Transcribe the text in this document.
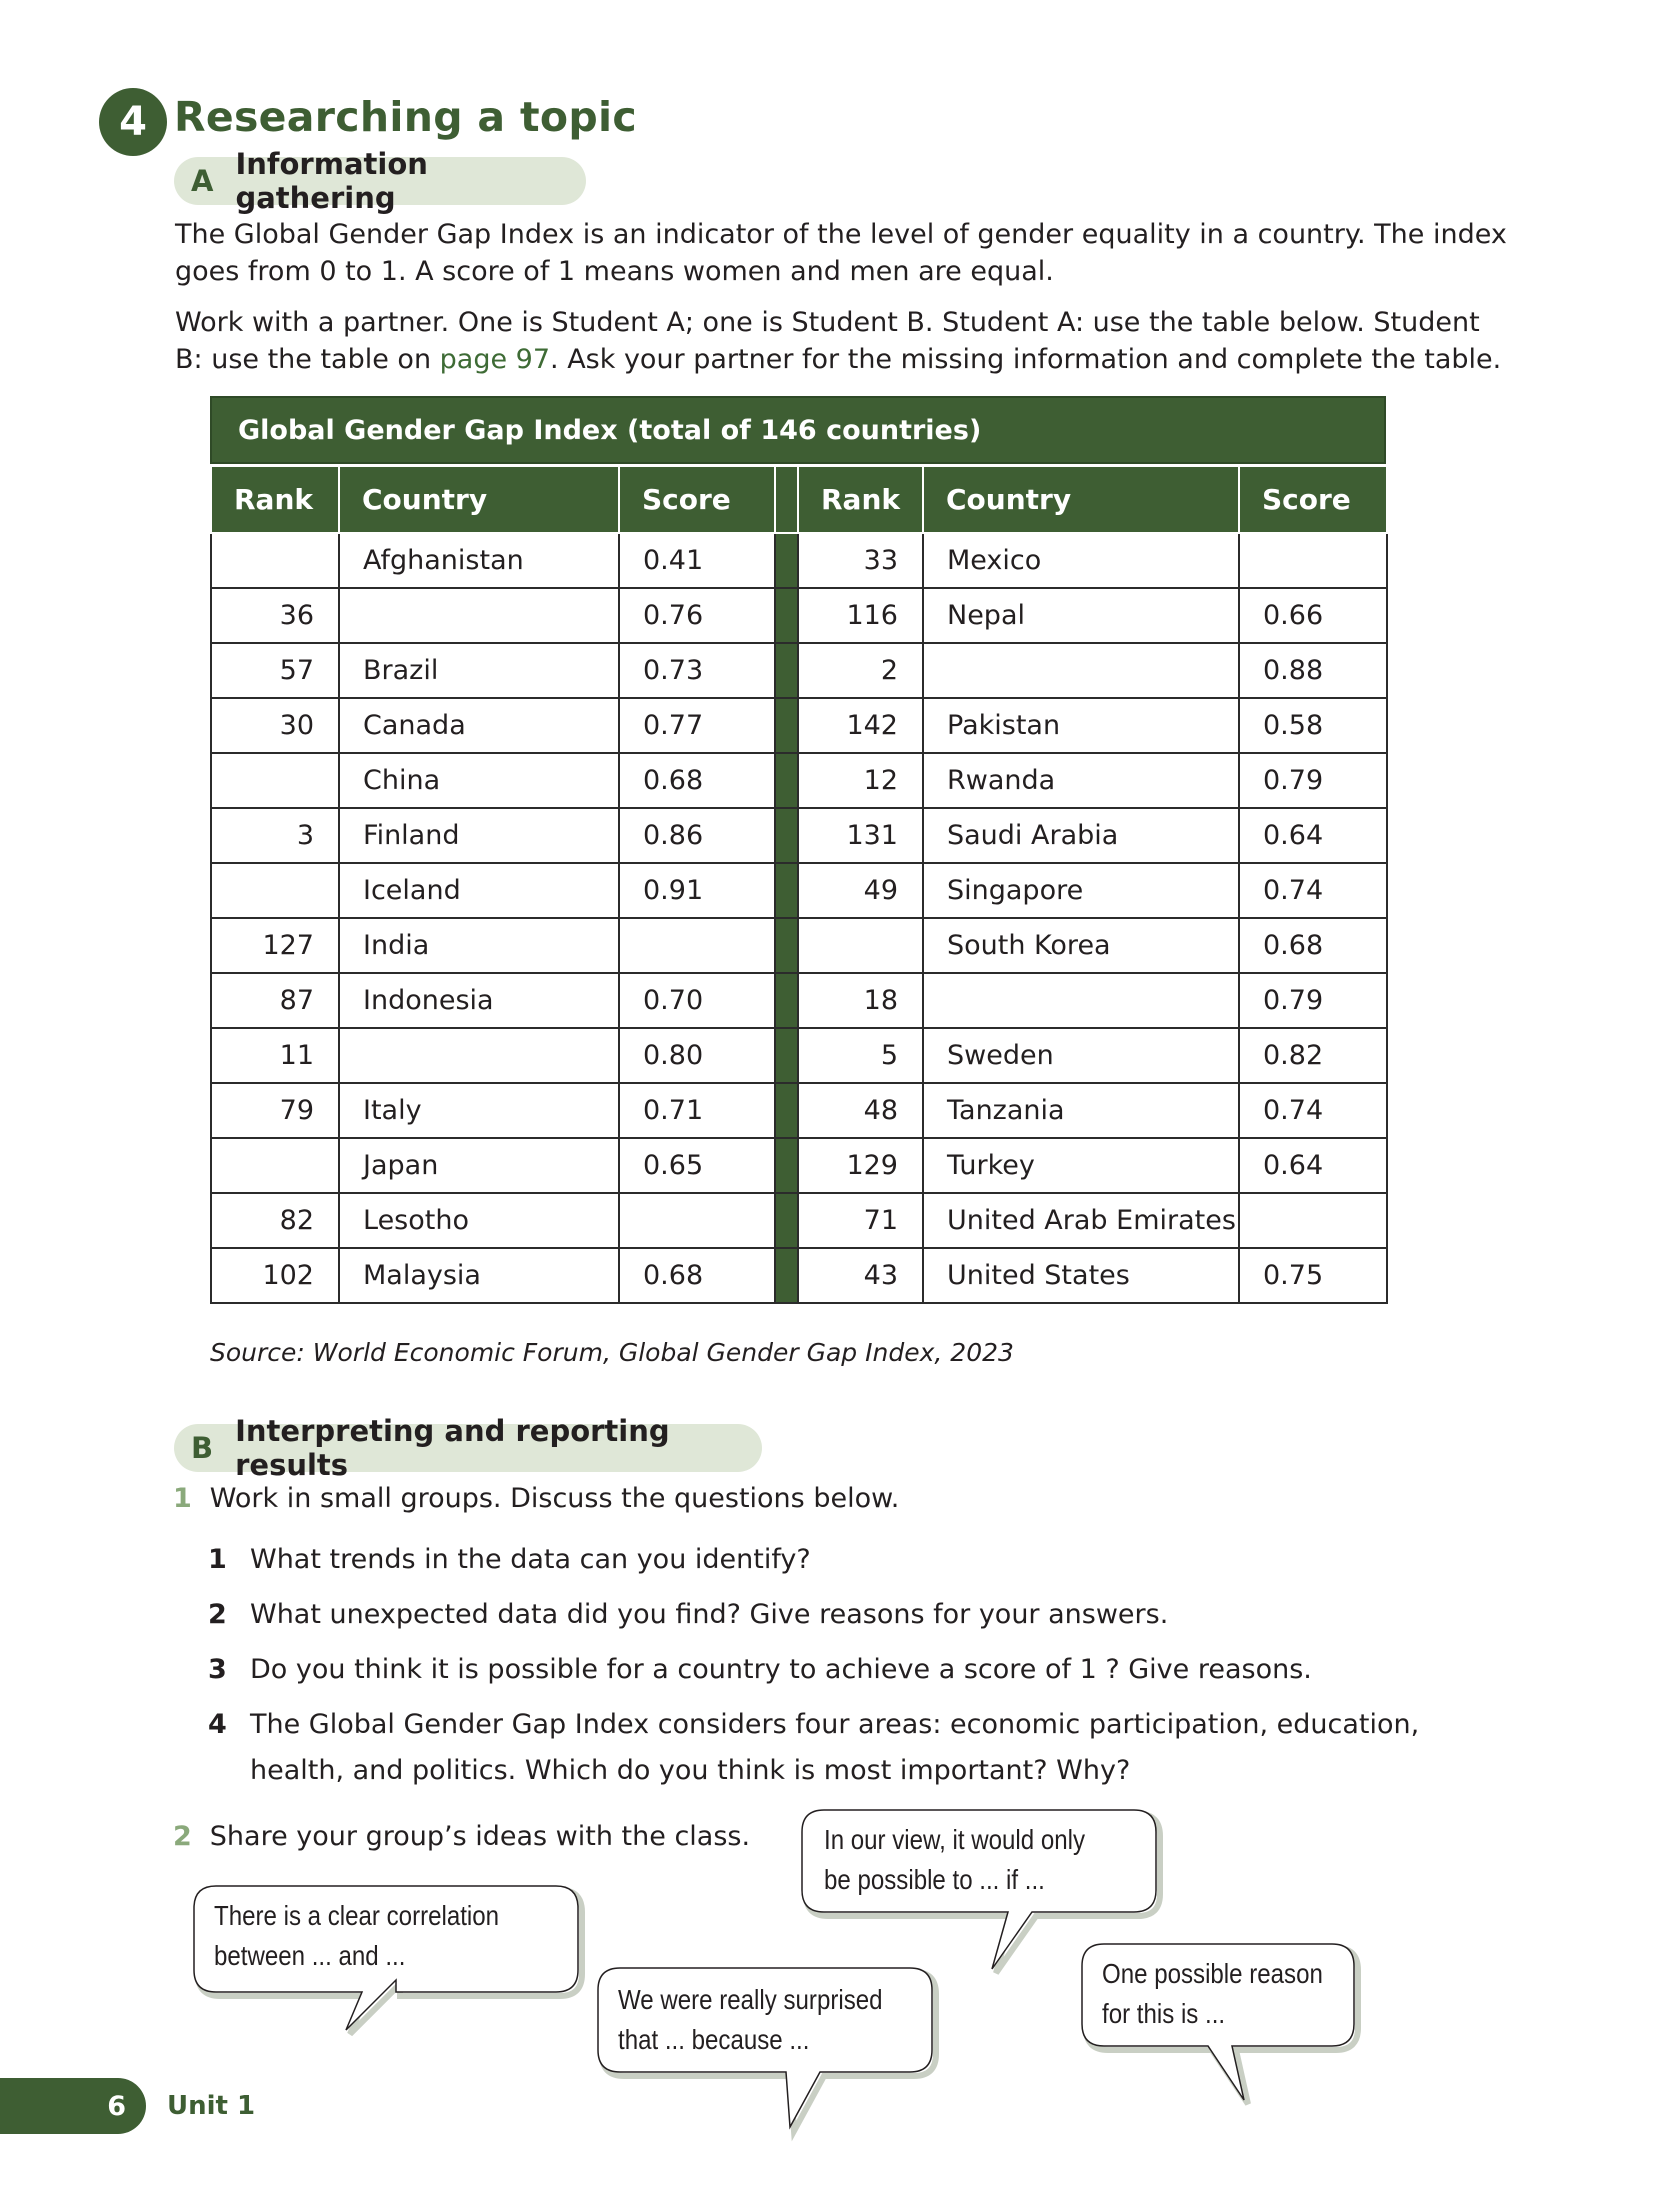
4 Researching a topic
A Information gathering
The Global Gender Gap Index is an indicator of the level of gender equality in a country. The index goes from 0 to 1. A score of 1 means women and men are equal.
Work with a partner. One is Student A; one is Student B. Student A: use the table below. Student B: use the table on page 97. Ask your partner for the missing information and complete the table.
Global Gender Gap Index (total of 146 countries)
Rank	Country	Score		Rank	Country	Score
	Afghanistan	0.41		33	Mexico	
36		0.76		116	Nepal	0.66
57	Brazil	0.73		2		0.88
30	Canada	0.77		142	Pakistan	0.58
	China	0.68		12	Rwanda	0.79
3	Finland	0.86		131	Saudi Arabia	0.64
	Iceland	0.91		49	Singapore	0.74
127	India				South Korea	0.68
87	Indonesia	0.70		18		0.79
11		0.80		5	Sweden	0.82
79	Italy	0.71		48	Tanzania	0.74
	Japan	0.65		129	Turkey	0.64
82	Lesotho			71	United Arab Emirates	
102	Malaysia	0.68		43	United States	0.75
Source: World Economic Forum, Global Gender Gap Index, 2023
B Interpreting and reporting results
1 Work in small groups. Discuss the questions below.
1 What trends in the data can you identify?
2 What unexpected data did you find? Give reasons for your answers.
3 Do you think it is possible for a country to achieve a score of 1 ? Give reasons.
4 The Global Gender Gap Index considers four areas: economic participation, education, health, and politics. Which do you think is most important? Why?
2 Share your group’s ideas with the class.
There is a clear correlation
between ... and ...
In our view, it would only
be possible to ... if ...
We were really surprised
that ... because ...
One possible reason
for this is ...
6 Unit 1
